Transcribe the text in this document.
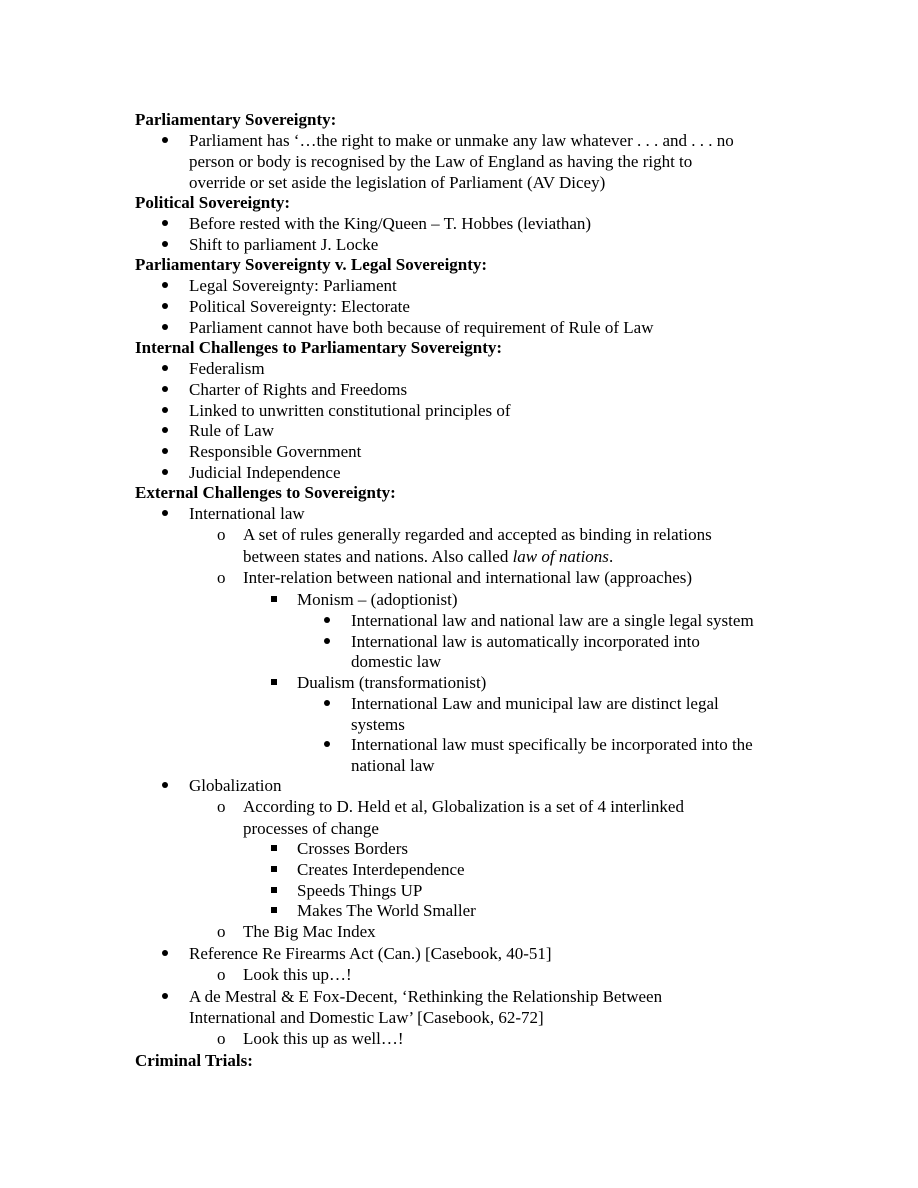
Parliamentary Sovereignty:
Parliament has ‘…the right to make or unmake any law whatever . . . and . . . no
person or body is recognised by the Law of England as having the right to
override or set aside the legislation of Parliament (AV Dicey)
Political Sovereignty:
Before rested with the King/Queen – T. Hobbes (leviathan)
Shift to parliament J. Locke
Parliamentary Sovereignty v. Legal Sovereignty:
Legal Sovereignty: Parliament
Political Sovereignty: Electorate
Parliament cannot have both because of requirement of Rule of Law
Internal Challenges to Parliamentary Sovereignty:
Federalism
Charter of Rights and Freedoms
Linked to unwritten constitutional principles of
Rule of Law
Responsible Government
Judicial Independence
External Challenges to Sovereignty:
International law
o A set of rules generally regarded and accepted as binding in relations
between states and nations. Also called law of nations.
o Inter-relation between national and international law (approaches)
Monism – (adoptionist)
International law and national law are a single legal system
International law is automatically incorporated into
domestic law
Dualism (transformationist)
International Law and municipal law are distinct legal
systems
International law must specifically be incorporated into the
national law
Globalization
o According to D. Held et al, Globalization is a set of 4 interlinked
processes of change
Crosses Borders
Creates Interdependence
Speeds Things UP
Makes The World Smaller
o The Big Mac Index
Reference Re Firearms Act (Can.) [Casebook, 40-51]
o Look this up…!
A de Mestral & E Fox-Decent, ‘Rethinking the Relationship Between
International and Domestic Law’ [Casebook, 62-72]
o Look this up as well…!
Criminal Trials:
